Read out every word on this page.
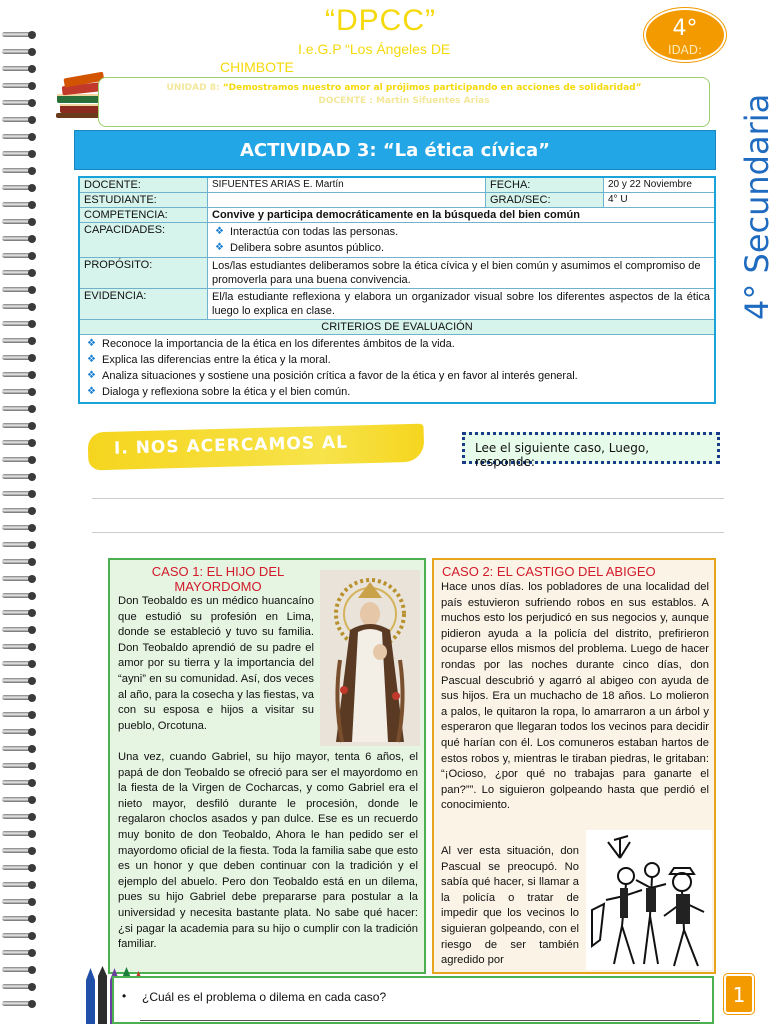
“DPCC”
I.e.G.P “Los Ángeles DE
CHIMBOTE
4°
IDAD:
4° Secundaria
UNIDAD 8: “Demostramos nuestro amor al prójimos participando en acciones de solidaridad”
DOCENTE : Martin Sifuentes Arias
ACTIVIDAD 3: “La ética cívica”
DOCENTE:	SIFUENTES ARIAS E. Martín	FECHA:	20 y 22 Noviembre
ESTUDIANTE:	GRAD/SEC:	4° U
COMPETENCIA:	Convive y participa democráticamente en la búsqueda del bien común
CAPACIDADES:
❖	Interactúa con todas las personas.
❖ Delibera sobre asuntos público.
PROPÓSITO:	Los/las estudiantes deliberamos sobre la ética cívica y el bien común y asumimos el compromiso de promoverla para una buena convivencia.
EVIDENCIA:	El/la estudiante reflexiona y elabora un organizador visual sobre los diferentes aspectos de la ética luego lo explica en clase.
CRITERIOS DE EVALUACIÓN
❖ Reconoce la importancia de la ética en los diferentes ámbitos de la vida.
❖ Explica las diferencias entre la ética y la moral.
❖ Analiza situaciones y sostiene una posición crítica a favor de la ética y en favor al interés general.
❖ Dialoga y reflexiona sobre la ética y el bien común.
I. NOS ACERCAMOS AL	Lee el siguiente caso, Luego, responde:
CASO 1: EL HIJO DEL MAYORDOMO
Don Teobaldo es un médico huancaíno que estudió su profesión en Lima, donde se estableció y tuvo su familia. Don Teobaldo aprendió de su padre el amor por su tierra y la importancia del “ayni” en su comunidad. Así, dos veces al año, para la cosecha y las fiestas, va con su esposa e hijos a visitar su pueblo, Orcotuna.
Una vez, cuando Gabriel, su hijo mayor, tenta 6 años, el papá de don Teobaldo se ofreció para ser el mayordomo en la fiesta de la Virgen de Cocharcas, y como Gabriel era el nieto mayor, desfiló durante le procesión, donde le regalaron choclos asados y pan dulce. Ese es un recuerdo muy bonito de don Teobaldo, Ahora le han pedido ser el mayordomo oficial de la fiesta. Toda la familia sabe que esto es un honor y que deben continuar con la tradición y el ejemplo del abuelo. Pero don Teobaldo está en un dilema, pues su hijo Gabriel debe prepararse para postular a la universidad y necesita bastante plata. No sabe qué hacer: ¿si pagar la academia para su hijo o cumplir con la tradición familiar.
CASO 2: EL CASTIGO DEL ABIGEO
Hace unos días. los pobladores de una localidad del país estuvieron sufriendo robos en sus establos. A muchos esto los perjudicó en sus negocios y, aunque pidieron ayuda a la policía del distrito, prefirieron ocuparse ellos mismos del problema. Luego de hacer rondas por las noches durante cinco días, don Pascual descubrió y agarró al abigeo con ayuda de sus hijos. Era un muchacho de 18 años. Lo molieron a palos, le quitaron la ropa, lo amarraron a un árbol y esperaron que llegaran todos los vecinos para decidir qué harían con él. Los comuneros estaban hartos de estos robos y, mientras le tiraban piedras, le gritaban: “¡Ocioso, ¿por qué no trabajas para ganarte el pan?””. Lo siguieron golpeando hasta que perdió el conocimiento.
Al ver esta situación, don Pascual se preocupó. No sabía qué hacer, si llamar a la policía o tratar de impedir que los vecinos lo siguieran golpeando, con el riesgo de ser también agredido por
• ¿Cuál es el problema o dilema en cada caso?	1
